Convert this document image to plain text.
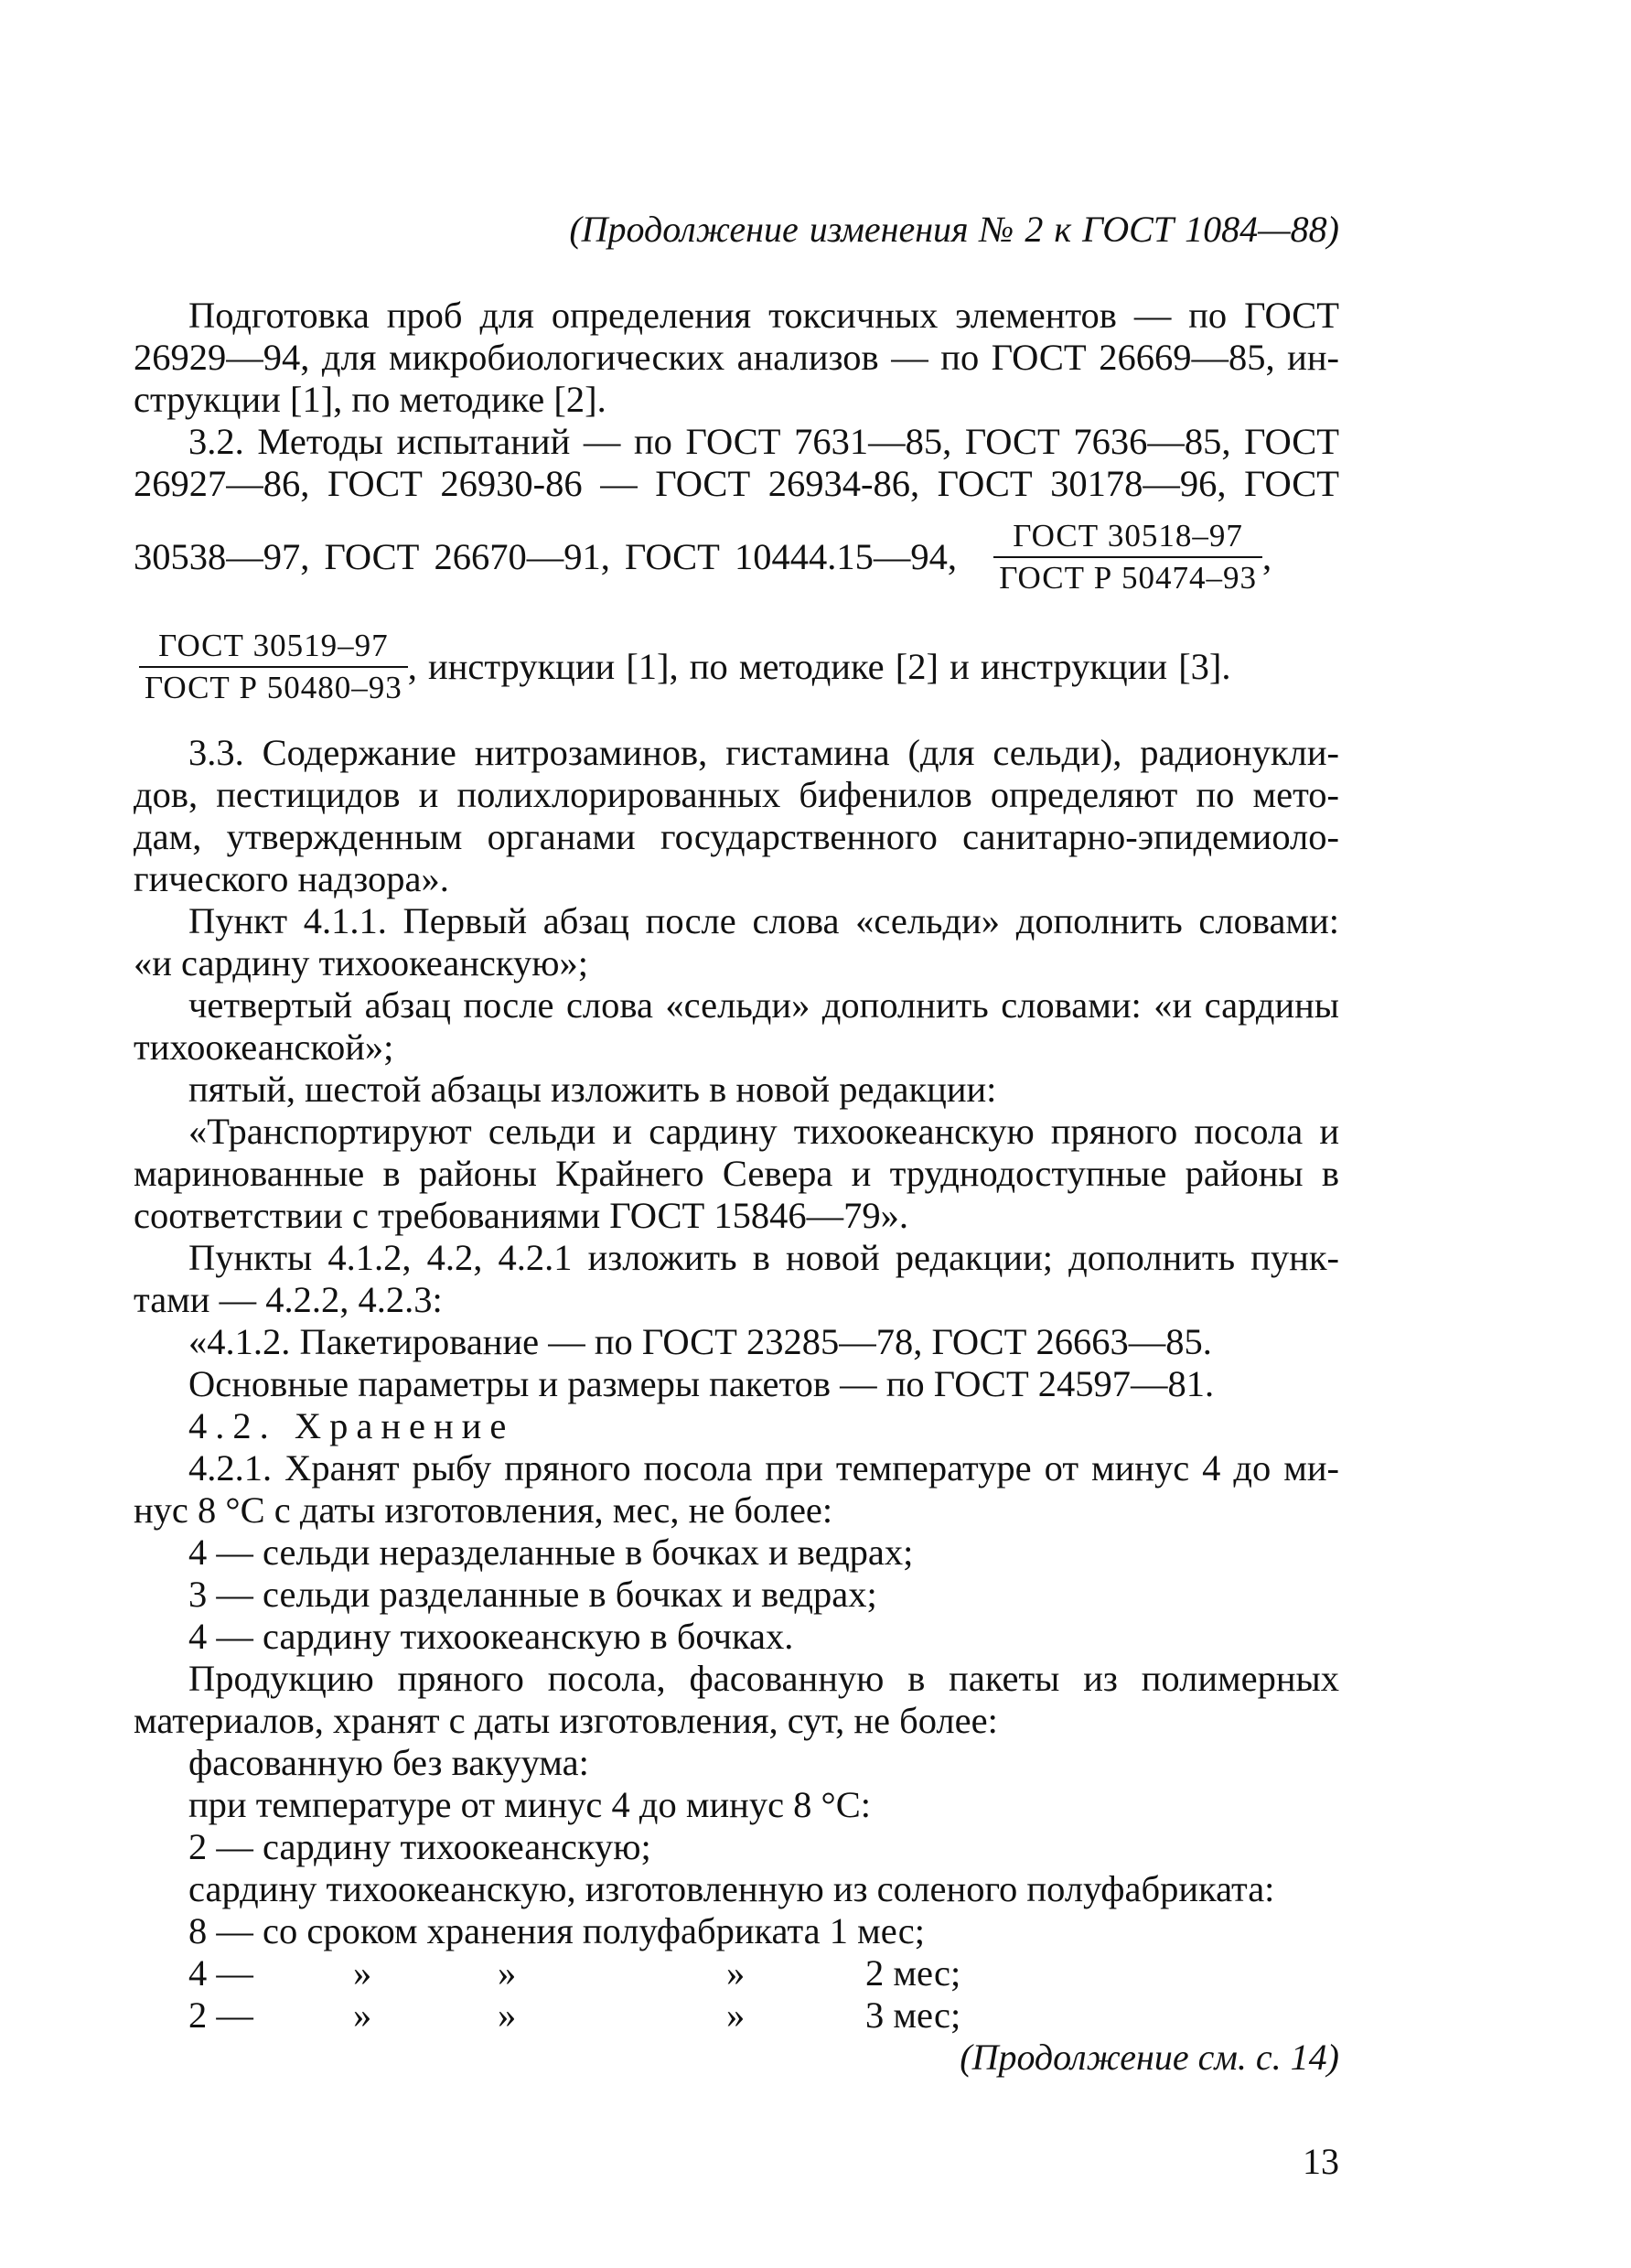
(Продолжение изменения № 2 к ГОСТ 1084—88)
Подготовка проб для определения токсичных элементов — по ГОСТ
26929—94, для микробиологических анализов — по ГОСТ 26669—85, ин-
струкции [1], по методике [2].
3.2. Методы испытаний — по ГОСТ 7631—85, ГОСТ 7636—85, ГОСТ
26927—86, ГОСТ 26930-86 — ГОСТ 26934-86, ГОСТ 30178—96, ГОСТ
30538—97, ГОСТ 26670—91, ГОСТ 10444.15—94, $\frac{\text{ГОСТ 30518–97}}{\text{ГОСТ Р 50474–93}}$ ,
$\frac{\text{ГОСТ 30519–97}}{\text{ГОСТ Р 50480–93}}$ , инструкции [1], по методике [2] и инструкции [3].
3.3. Содержание нитрозаминов, гистамина (для сельди), радионукли-
дов, пестицидов и полихлорированных бифенилов определяют по мето-
дам, утвержденным органами государственного санитарно-эпидемиоло-
гического надзора».
Пункт 4.1.1. Первый абзац после слова «сельди» дополнить словами:
«и сардину тихоокеанскую»;
четвертый абзац после слова «сельди» дополнить словами: «и сардины
тихоокеанской»;
пятый, шестой абзацы изложить в новой редакции:
«Транспортируют сельди и сардину тихоокеанскую пряного посола и
маринованные в районы Крайнего Севера и труднодоступные районы в
соответствии с требованиями ГОСТ 15846—79».
Пункты 4.1.2, 4.2, 4.2.1 изложить в новой редакции; дополнить пунк-
тами — 4.2.2, 4.2.3:
«4.1.2. Пакетирование — по ГОСТ 23285—78, ГОСТ 26663—85.
Основные параметры и размеры пакетов — по ГОСТ 24597—81.
4.2. Хранение
4.2.1. Хранят рыбу пряного посола при температуре от минус 4 до ми-
нус 8 °С с даты изготовления, мес, не более:
4 — сельди неразделанные в бочках и ведрах;
3 — сельди разделанные в бочках и ведрах;
4 — сардину тихоокеанскую в бочках.
Продукцию пряного посола, фасованную в пакеты из полимерных
материалов, хранят с даты изготовления, сут, не более:
фасованную без вакуума:
при температуре от минус 4 до минус 8 °С:
2 — сардину тихоокеанскую;
сардину тихоокеанскую, изготовленную из соленого полуфабриката:
8 — со сроком хранения полуфабриката 1 мес;
4 —	»	»	»	2 мес;
2 —	»	»	»	3 мес;
(Продолжение см. с. 14)
13
